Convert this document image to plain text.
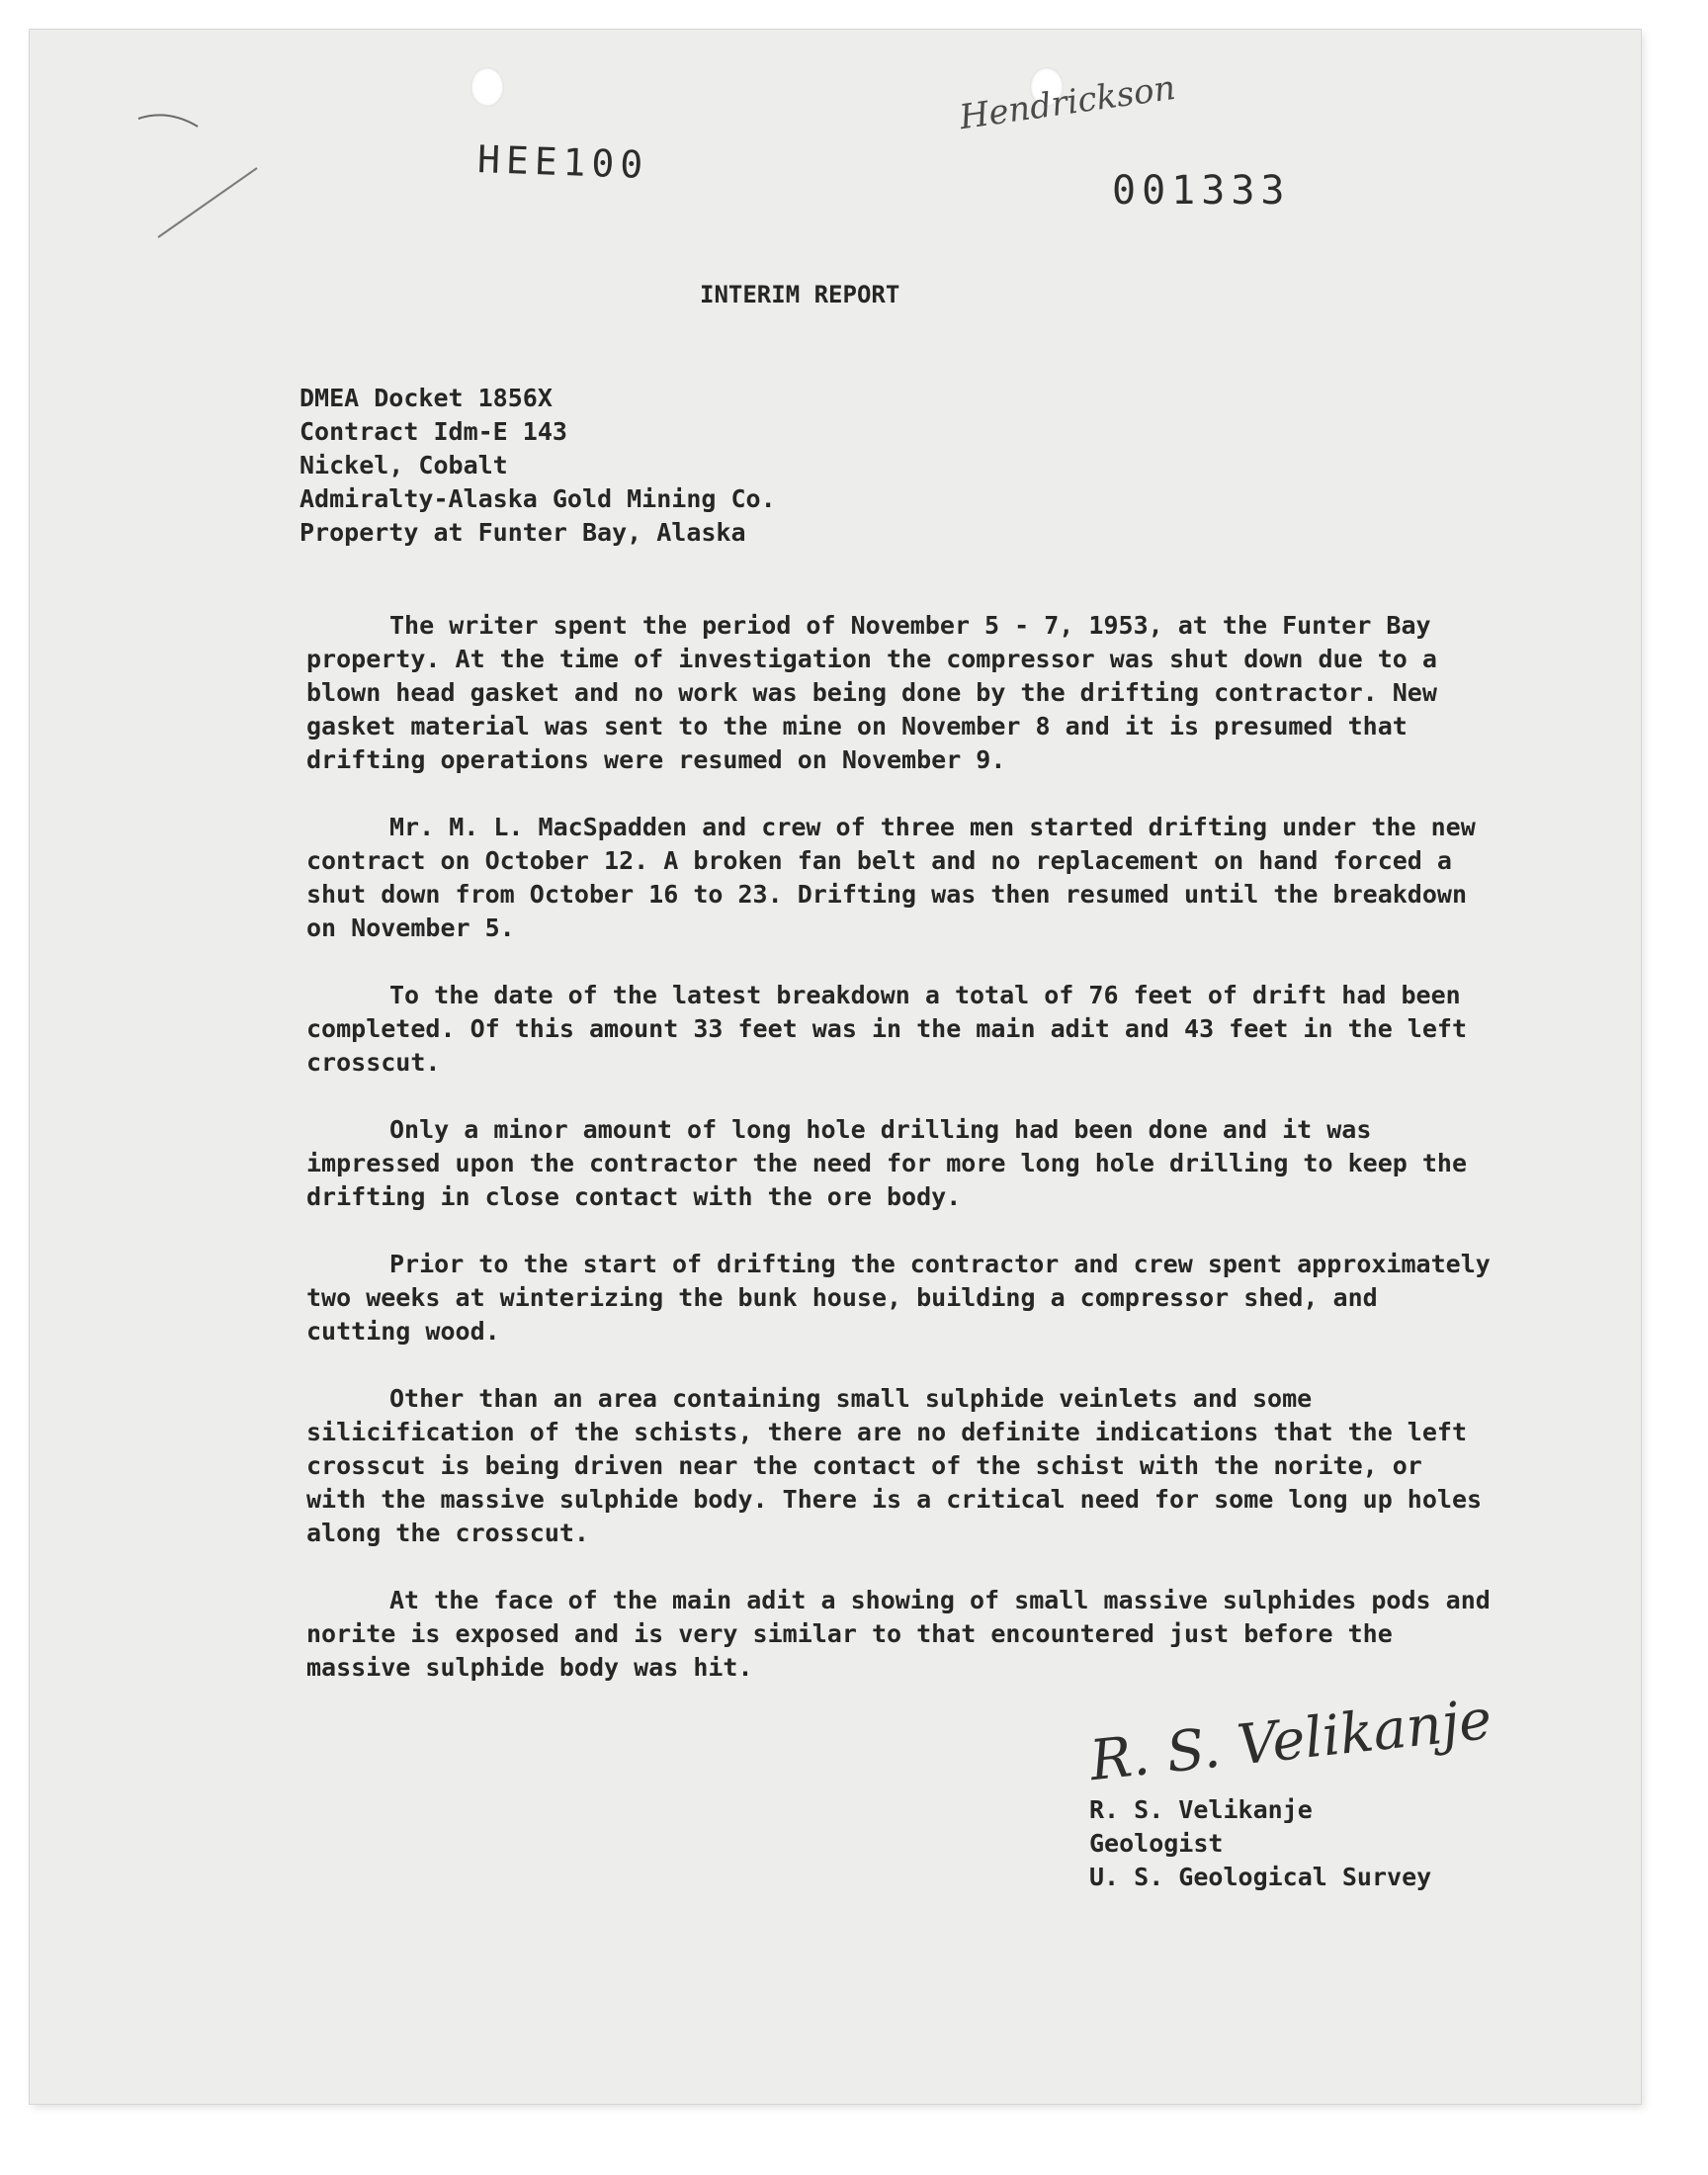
HEE100
Hendrickson
001333
INTERIM REPORT
DMEA Docket 1856X
Contract Idm-E 143
Nickel, Cobalt
Admiralty-Alaska Gold Mining Co.
Property at Funter Bay, Alaska

The writer spent the period of November 5 - 7, 1953, at the Funter Bay property. At the time of investigation the compressor was shut down due to a blown head gasket and no work was being done by the drifting contractor. New gasket material was sent to the mine on November 8 and it is presumed that drifting operations were resumed on November 9.

Mr. M. L. MacSpadden and crew of three men started drifting under the new contract on October 12. A broken fan belt and no replacement on hand forced a shut down from October 16 to 23. Drifting was then resumed until the breakdown on November 5.

To the date of the latest breakdown a total of 76 feet of drift had been completed. Of this amount 33 feet was in the main adit and 43 feet in the left crosscut.

Only a minor amount of long hole drilling had been done and it was impressed upon the contractor the need for more long hole drilling to keep the drifting in close contact with the ore body.

Prior to the start of drifting the contractor and crew spent approximately two weeks at winterizing the bunk house, building a compressor shed, and cutting wood.

Other than an area containing small sulphide veinlets and some silicification of the schists, there are no definite indications that the left crosscut is being driven near the contact of the schist with the norite, or with the massive sulphide body. There is a critical need for some long up holes along the crosscut.

At the face of the main adit a showing of small massive sulphides pods and norite is exposed and is very similar to that encountered just before the massive sulphide body was hit.

R. S. Velikanje
R. S. Velikanje
Geologist
U. S. Geological Survey
